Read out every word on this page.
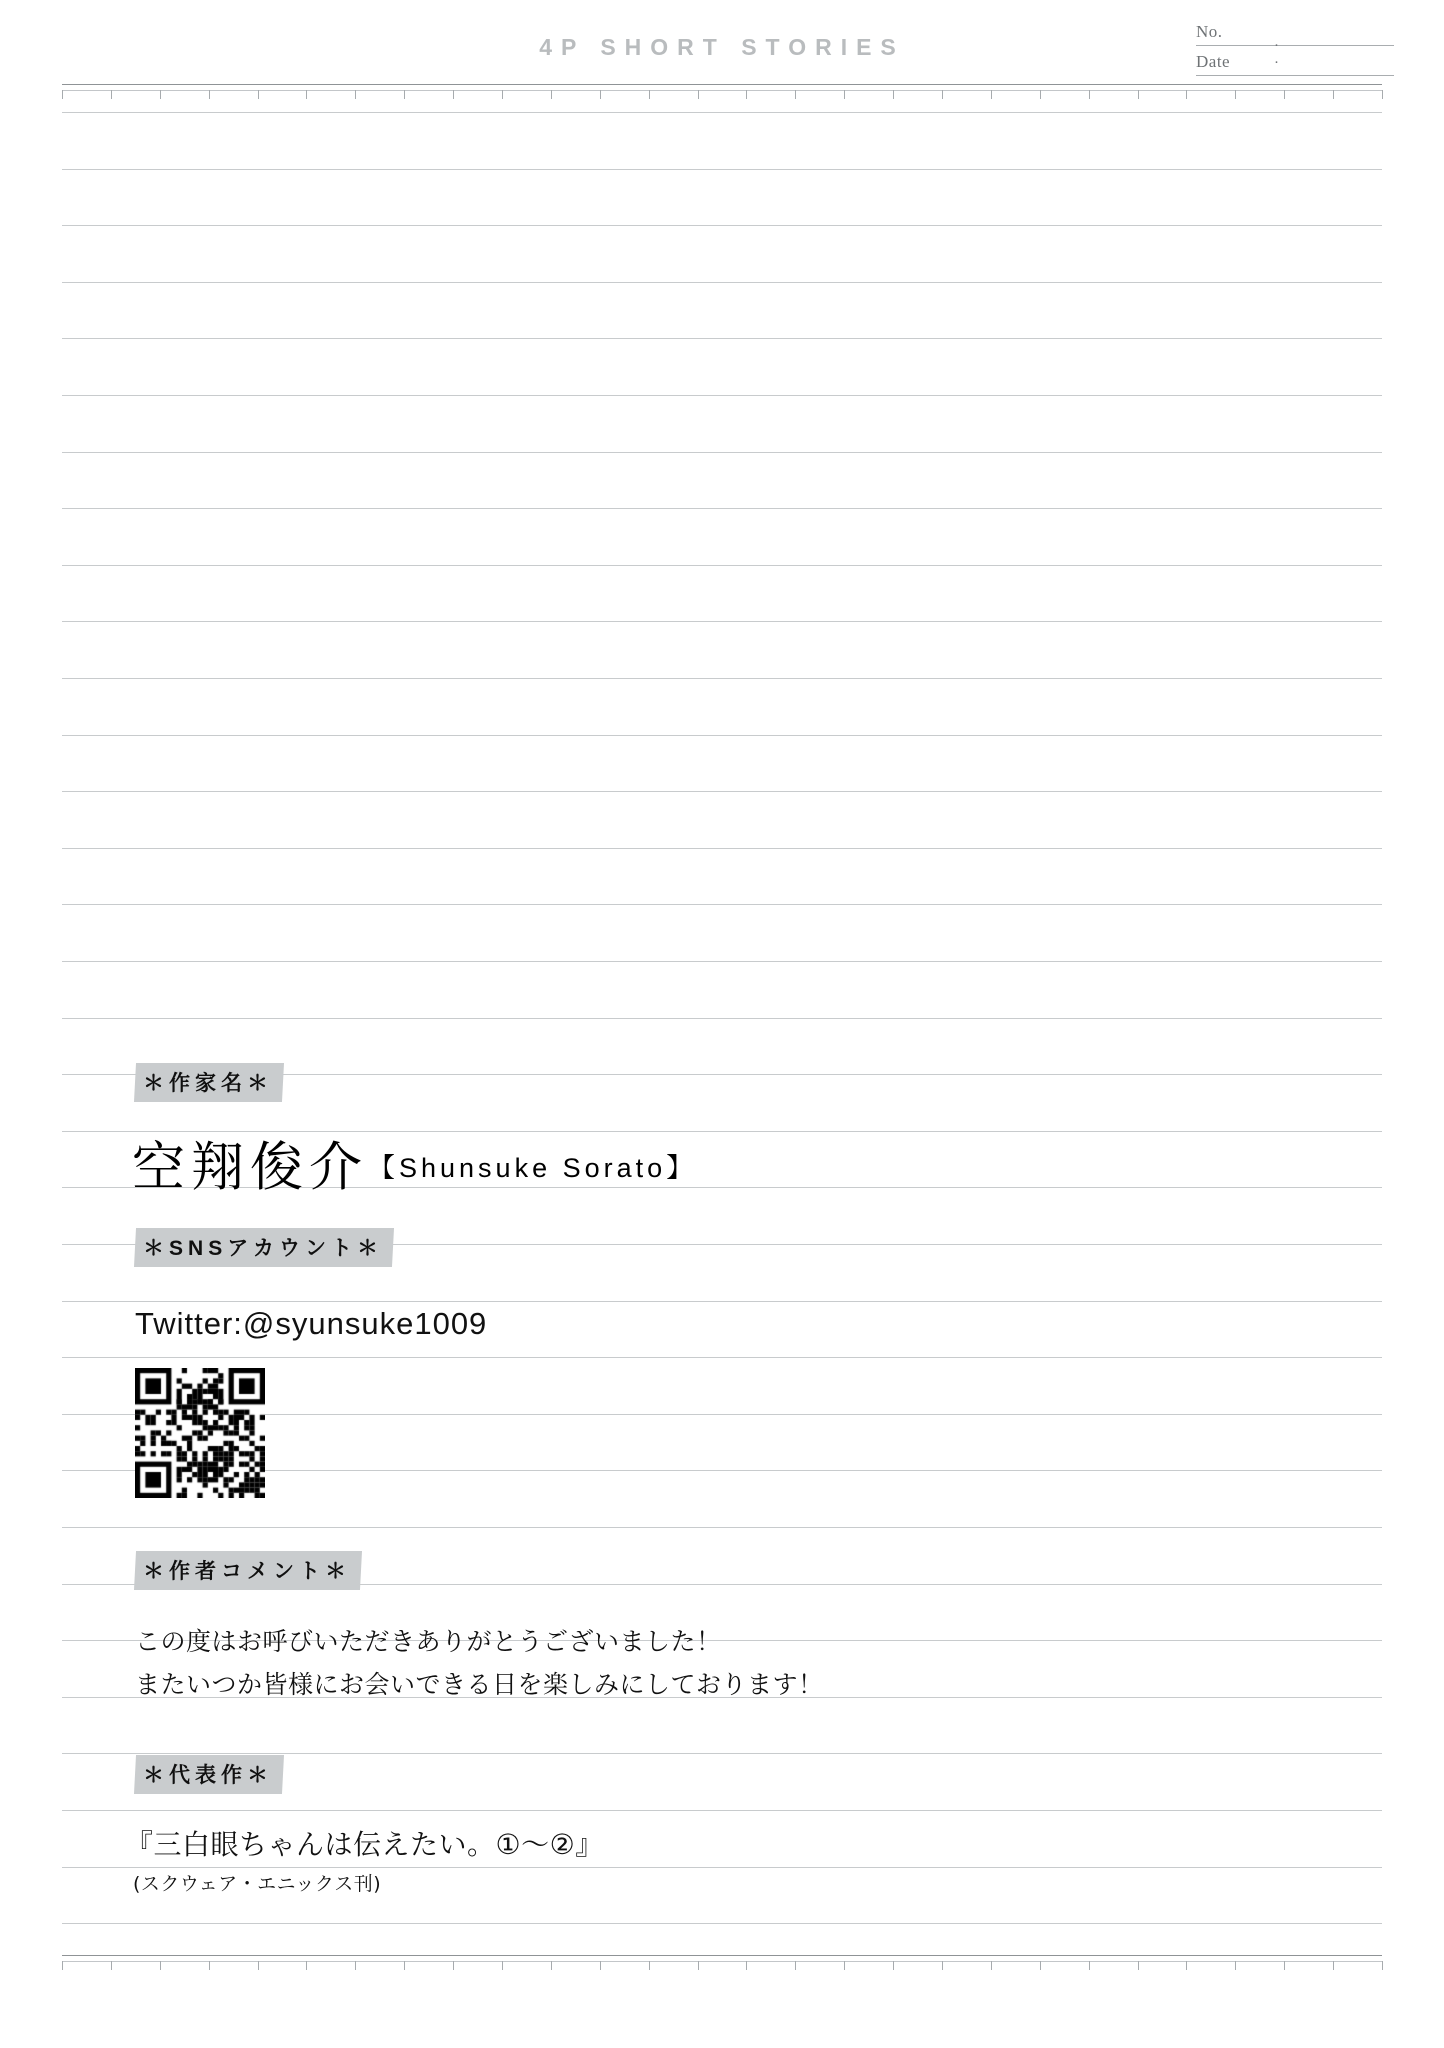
4P SHORT STORIES
No.
Date
· ·
＊作家名＊
空翔俊介【Shunsuke Sorato】
＊SNSアカウント＊
Twitter:@syunsuke1009
＊作者コメント＊
この度はお呼びいただきありがとうございました！
またいつか皆様にお会いできる日を楽しみにしております！
＊代表作＊
『三白眼ちゃんは伝えたい。①〜②』
(スクウェア・エニックス刊)
